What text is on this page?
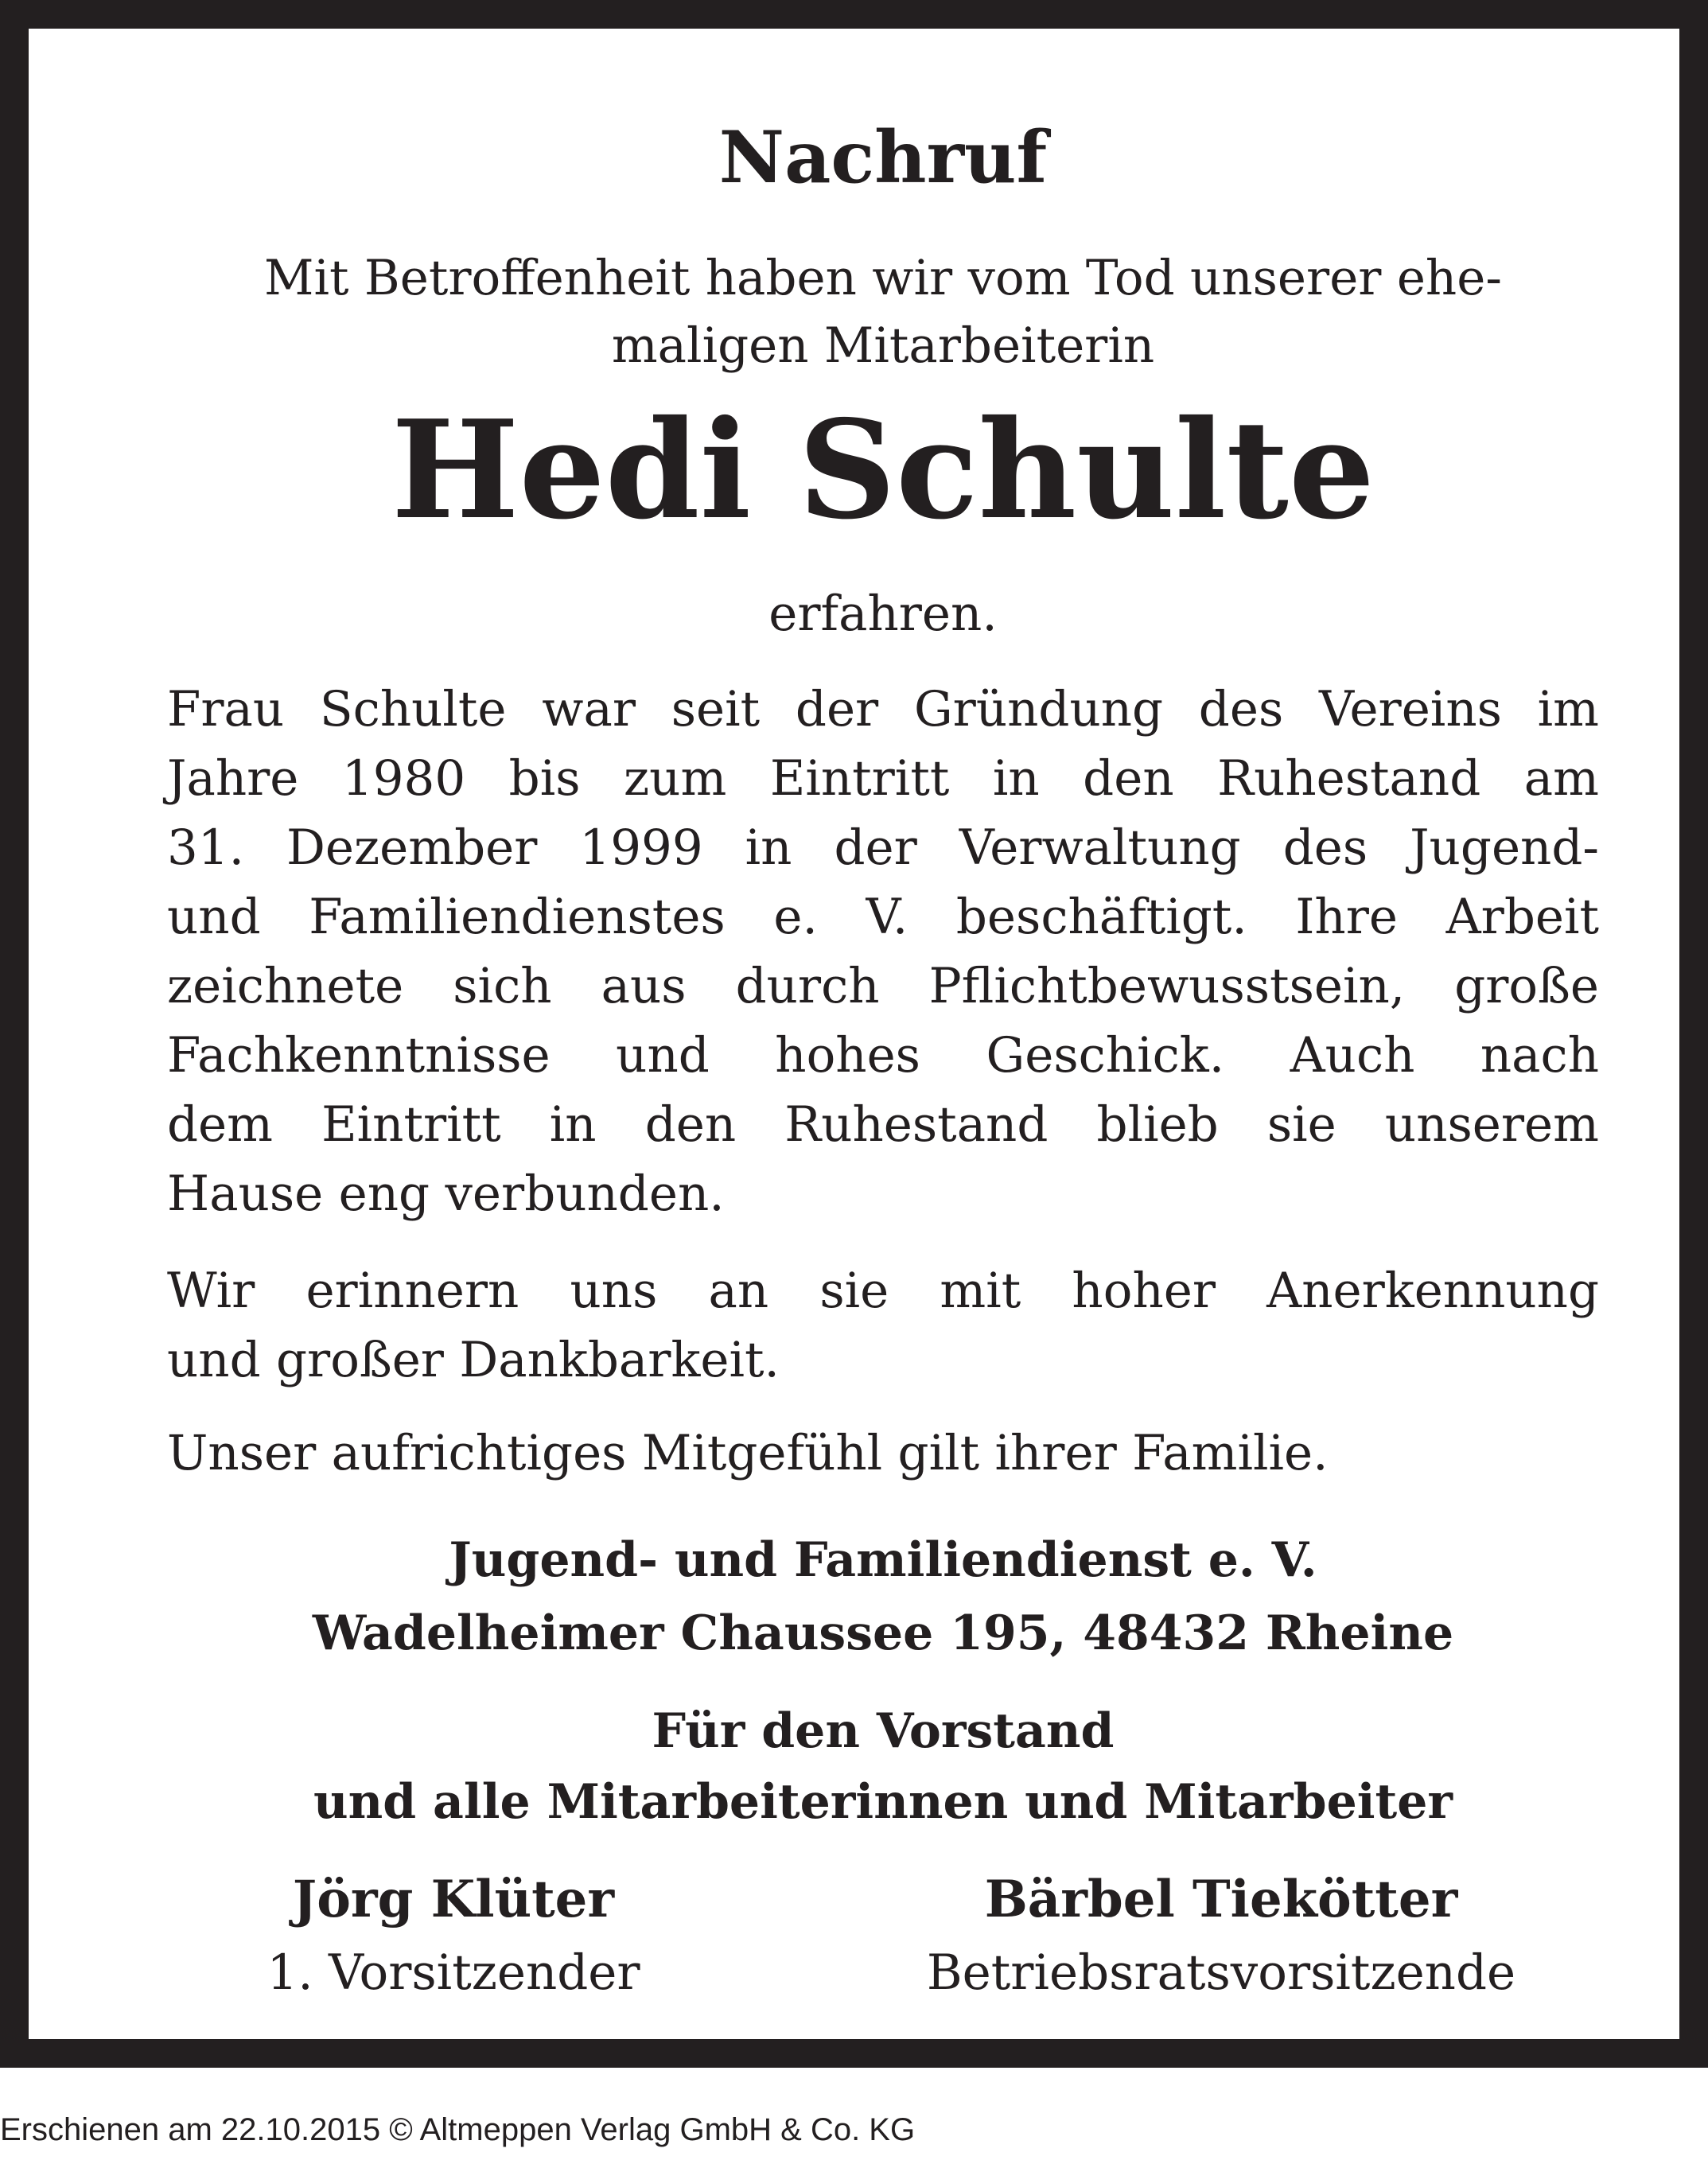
Nachruf
Mit Betroffenheit haben wir vom Tod unserer ehe-
maligen Mitarbeiterin
Hedi Schulte
erfahren.
Frau Schulte war seit der Gründung des Vereins im
Jahre 1980 bis zum Eintritt in den Ruhestand am
31. Dezember 1999 in der Verwaltung des Jugend-
und Familiendienstes e. V. beschäftigt. Ihre Arbeit
zeichnete sich aus durch Pflichtbewusstsein, große
Fachkenntnisse und hohes Geschick. Auch nach
dem Eintritt in den Ruhestand blieb sie unserem
Hause eng verbunden.
Wir erinnern uns an sie mit hoher Anerkennung
und großer Dankbarkeit.
Unser aufrichtiges Mitgefühl gilt ihrer Familie.
Jugend- und Familiendienst e. V.
Wadelheimer Chaussee 195, 48432 Rheine
Für den Vorstand
und alle Mitarbeiterinnen und Mitarbeiter
Jörg Klüter
1. Vorsitzender
Bärbel Tiekötter
Betriebsratsvorsitzende
Erschienen am 22.10.2015 © Altmeppen Verlag GmbH & Co. KG
